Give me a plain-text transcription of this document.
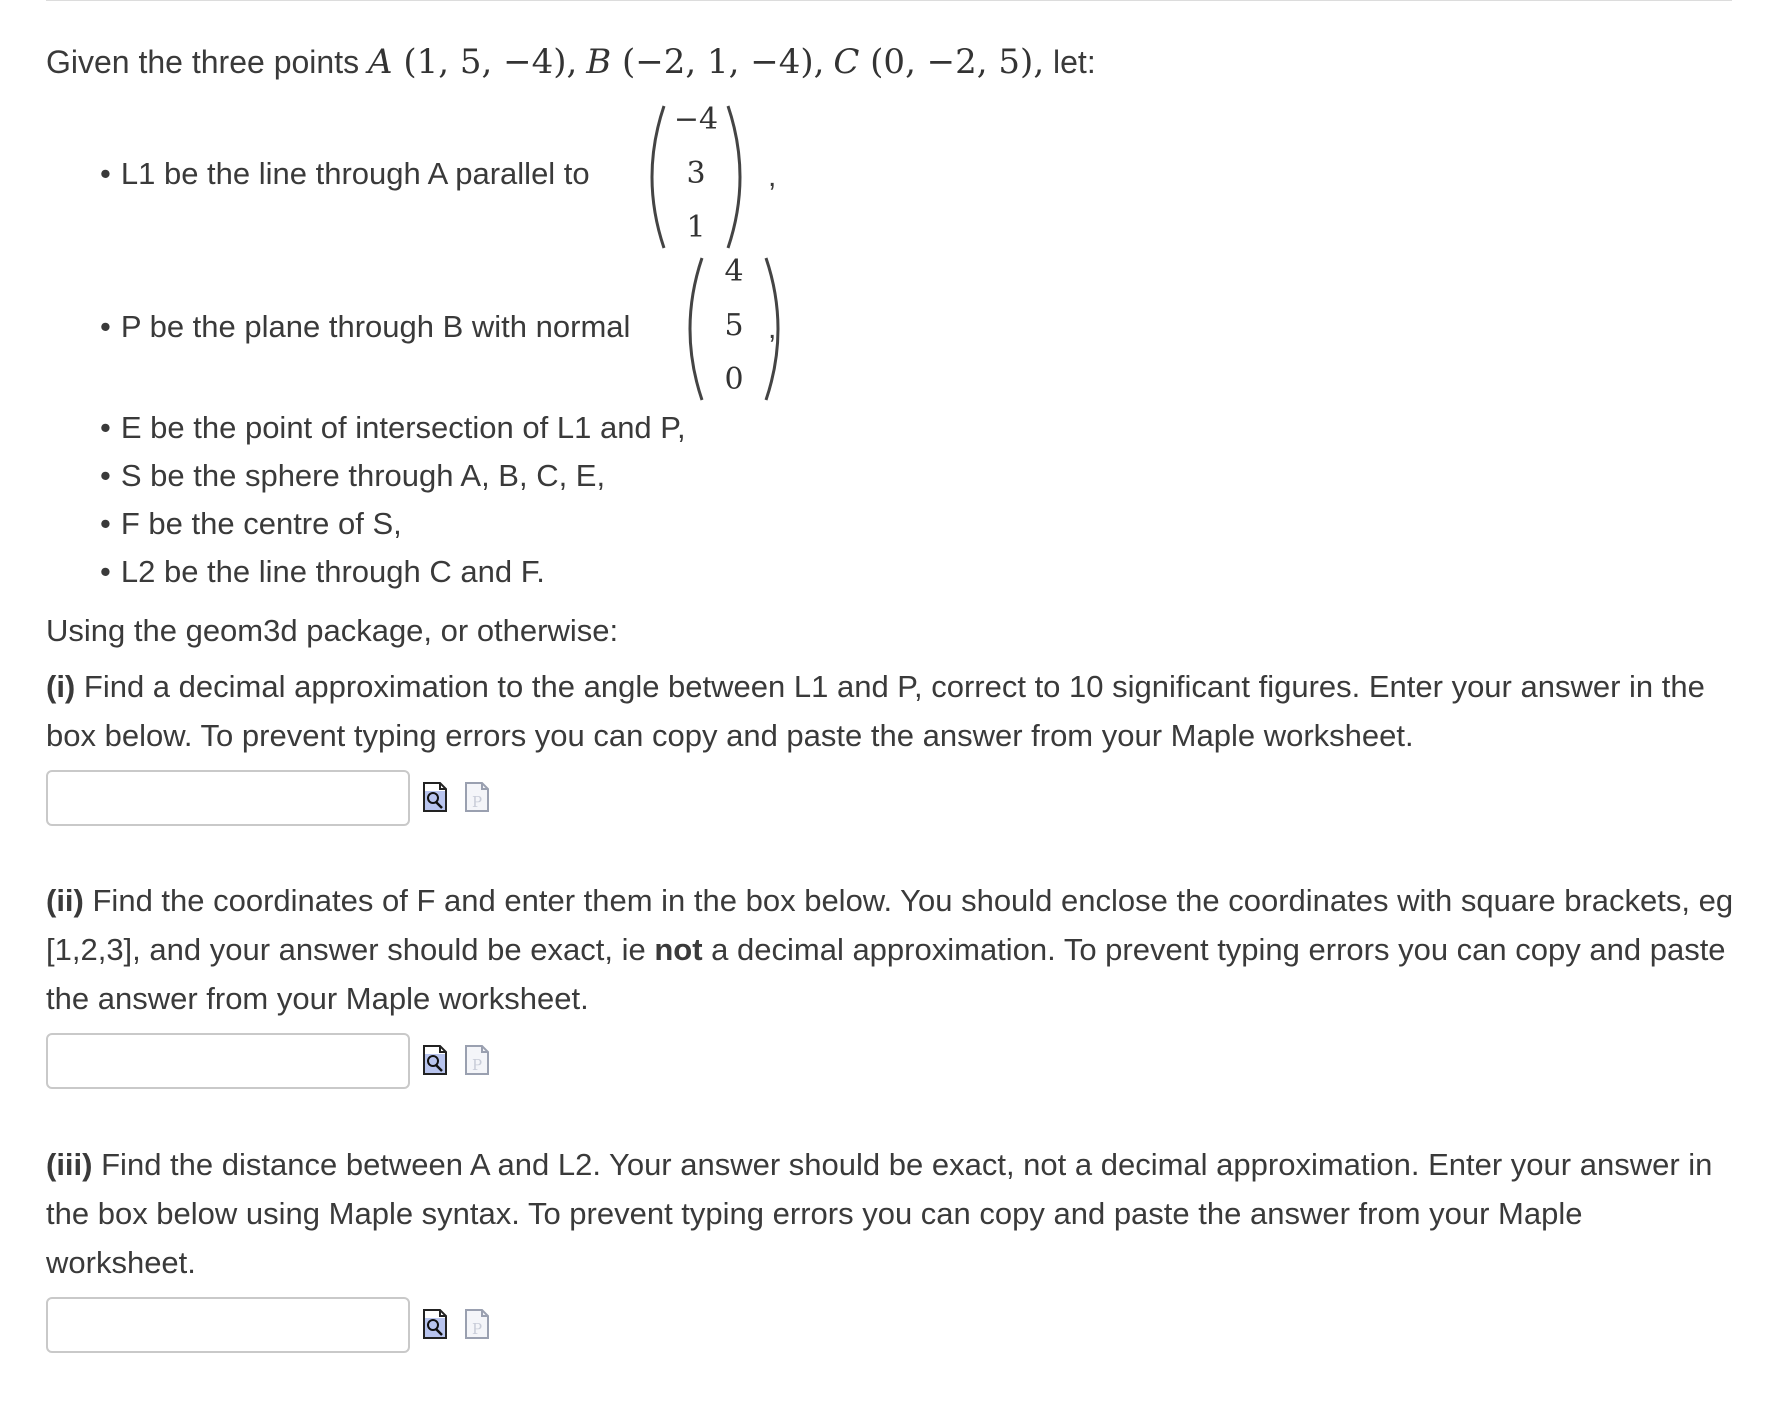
Given the three points A (1, 5, −4), B (−2, 1, −4), C (0, −2, 5), let:
• L1 be the line through A parallel to
−4
3
1
,
• P be the plane through B with normal
4
5
0
,
• E be the point of intersection of L1 and P,
• S be the sphere through A, B, C, E,
• F be the centre of S,
• L2 be the line through C and F.
Using the geom3d package, or otherwise:
(i) Find a decimal approximation to the angle between L1 and P, correct to 10 significant figures. Enter your answer in the box below. To prevent typing errors you can copy and paste the answer from your Maple worksheet.
P
(ii) Find the coordinates of F and enter them in the box below. You should enclose the coordinates with square brackets, eg [1,2,3], and your answer should be exact, ie not a decimal approximation. To prevent typing errors you can copy and paste the answer from your Maple worksheet.
P
(iii) Find the distance between A and L2. Your answer should be exact, not a decimal approximation. Enter your answer in the box below using Maple syntax. To prevent typing errors you can copy and paste the answer from your Maple worksheet.
P
